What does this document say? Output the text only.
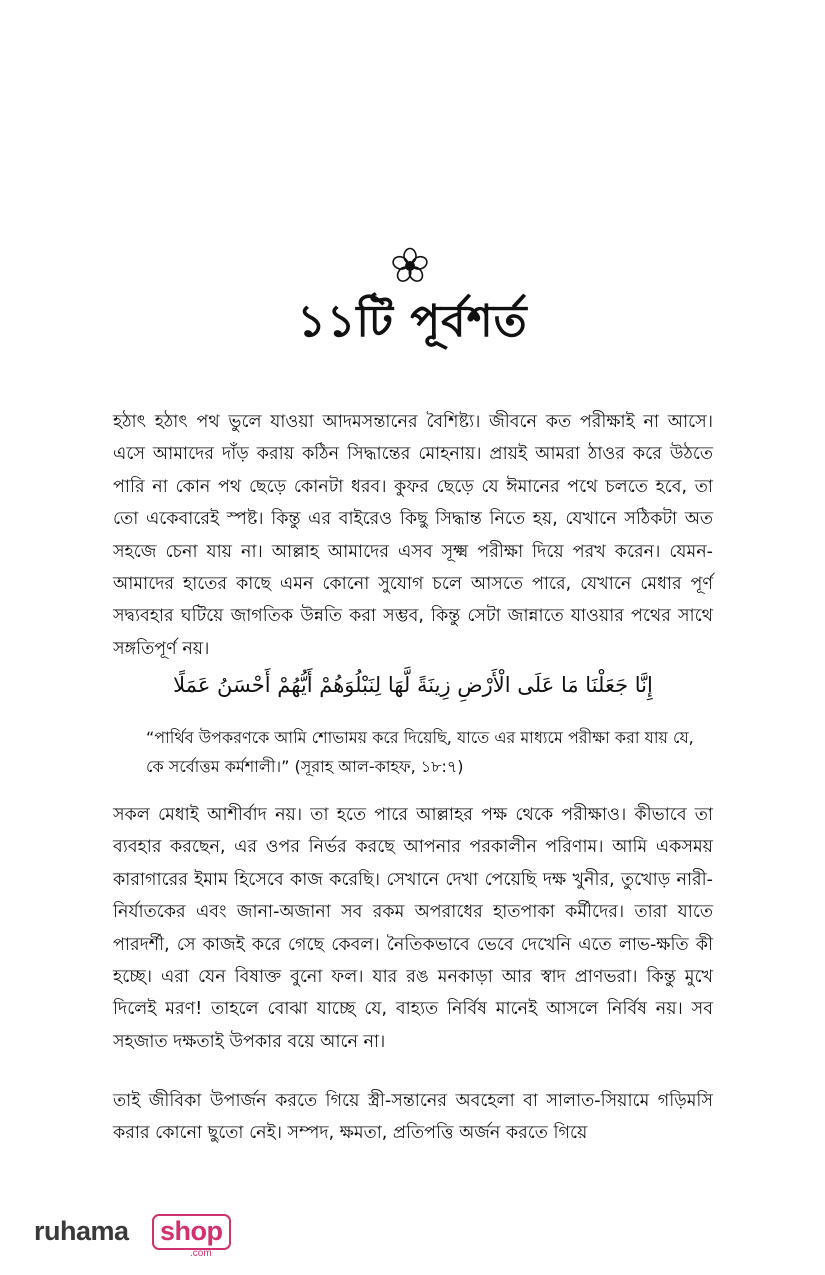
১১টি পূর্বশর্ত

হঠাৎ হঠাৎ পথ ভুলে যাওয়া আদমসন্তানের বৈশিষ্ট্য। জীবনে কত পরীক্ষাই না আসে। এসে আমাদের দাঁড় করায় কঠিন সিদ্ধান্তের মোহনায়। প্রায়ই আমরা ঠাওর করে উঠতে পারি না কোন পথ ছেড়ে কোনটা ধরব। কুফর ছেড়ে যে ঈমানের পথে চলতে হবে, তা তো একেবারেই স্পষ্ট। কিন্তু এর বাইরেও কিছু সিদ্ধান্ত নিতে হয়, যেখানে সঠিকটা অত সহজে চেনা যায় না। আল্লাহ আমাদের এসব সূক্ষ্ম পরীক্ষা দিয়ে পরখ করেন। যেমন- আমাদের হাতের কাছে এমন কোনো সুযোগ চলে আসতে পারে, যেখানে মেধার পূর্ণ সদ্ব্যবহার ঘটিয়ে জাগতিক উন্নতি করা সম্ভব, কিন্তু সেটা জান্নাতে যাওয়ার পথের সাথে সঙ্গতিপূর্ণ নয়।

إِنَّا جَعَلْنَا مَا عَلَى الْأَرْضِ زِينَةً لَّهَا لِنَبْلُوَهُمْ أَيُّهُمْ أَحْسَنُ عَمَلًا

“পার্থিব উপকরণকে আমি শোভাময় করে দিয়েছি, যাতে এর মাধ্যমে পরীক্ষা করা যায় যে, কে সর্বোত্তম কর্মশালী।” (সূরাহ আল-কাহফ, ১৮:৭)

সকল মেধাই আশীর্বাদ নয়। তা হতে পারে আল্লাহর পক্ষ থেকে পরীক্ষাও। কীভাবে তা ব্যবহার করছেন, এর ওপর নির্ভর করছে আপনার পরকালীন পরিণাম। আমি একসময় কারাগারের ইমাম হিসেবে কাজ করেছি। সেখানে দেখা পেয়েছি দক্ষ খুনীর, তুখোড় নারী-নির্যাতকের এবং জানা-অজানা সব রকম অপরাধের হাতপাকা কর্মীদের। তারা যাতে পারদর্শী, সে কাজই করে গেছে কেবল। নৈতিকভাবে ভেবে দেখেনি এতে লাভ-ক্ষতি কী হচ্ছে। এরা যেন বিষাক্ত বুনো ফল। যার রঙ মনকাড়া আর স্বাদ প্রাণভরা। কিন্তু মুখে দিলেই মরণ! তাহলে বোঝা যাচ্ছে যে, বাহ্যত নির্বিষ মানেই আসলে নির্বিষ নয়। সব সহজাত দক্ষতাই উপকার বয়ে আনে না।

তাই জীবিকা উপার্জন করতে গিয়ে স্ত্রী-সন্তানের অবহেলা বা সালাত-সিয়ামে গড়িমসি করার কোনো ছুতো নেই। সম্পদ, ক্ষমতা, প্রতিপত্তি অর্জন করতে গিয়ে

ruhama shop
.com
